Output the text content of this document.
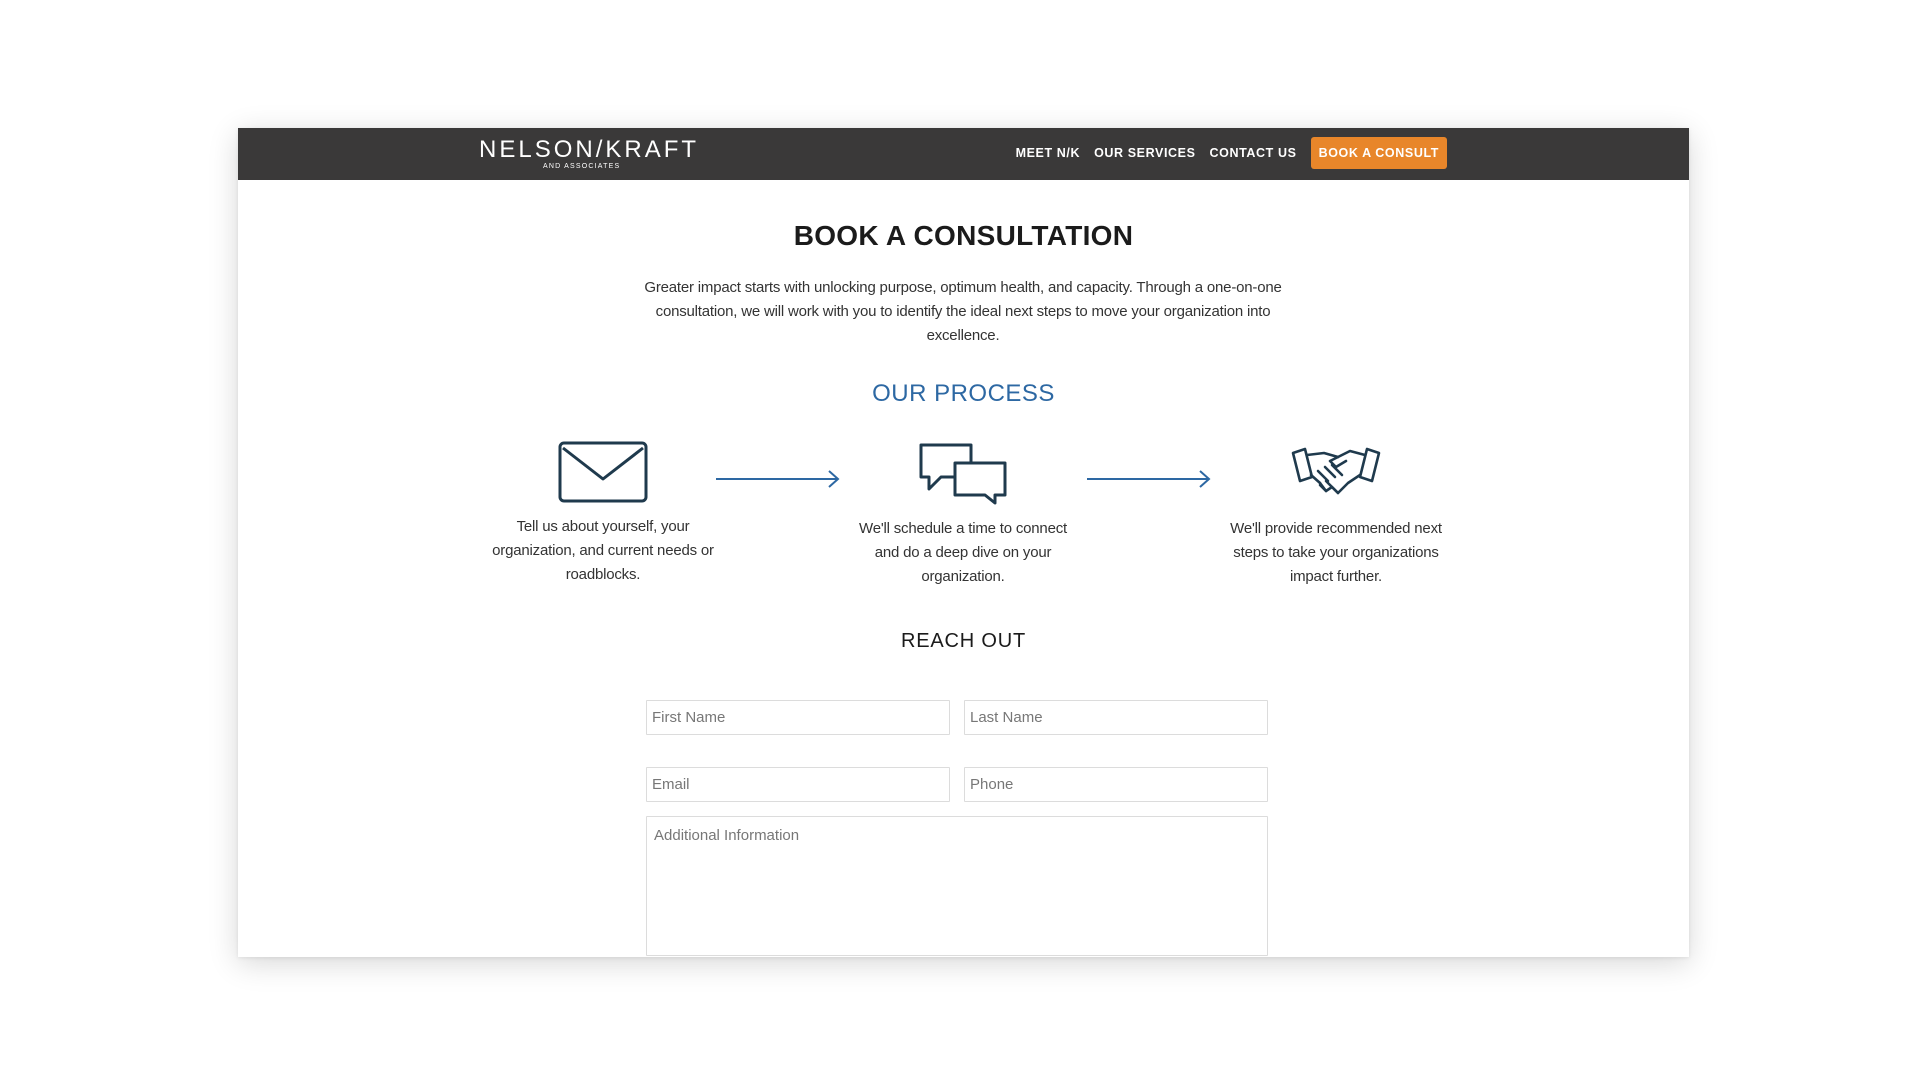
NELSON/KRAFT
AND ASSOCIATES
MEET N/K OUR SERVICES CONTACT US	BOOK A CONSULT
BOOK A CONSULTATION

Greater impact starts with unlocking purpose, optimum health, and capacity. Through a one-on-one consultation, we will work with you to identify the ideal next steps to move your organization into excellence.

OUR PROCESS
Tell us about yourself, your organization, and current needs or roadblocks.
We'll schedule a time to connect and do a deep dive on your organization.
We'll provide recommended next steps to take your organizations impact further.
REACH OUT
First Name
Last Name
Email
Phone
Additional Information
